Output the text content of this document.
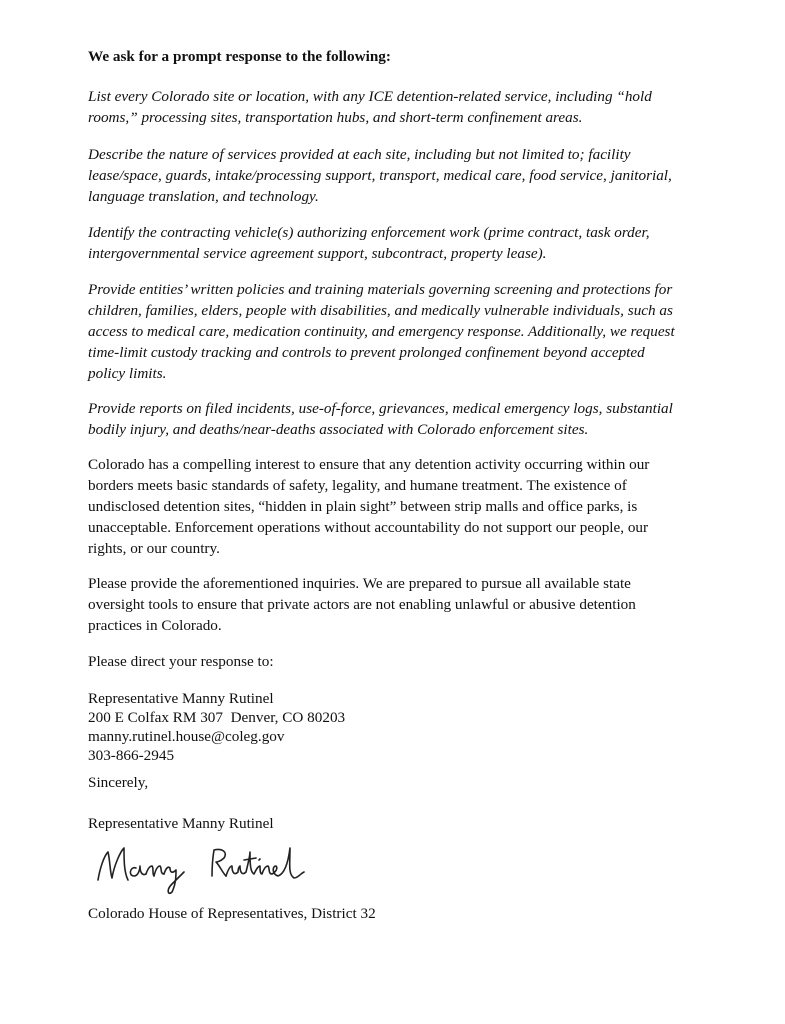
We ask for a prompt response to the following:
List every Colorado site or location, with any ICE detention-related service, including “hold
rooms,” processing sites, transportation hubs, and short-term confinement areas.
Describe the nature of services provided at each site, including but not limited to; facility
lease/space, guards, intake/processing support, transport, medical care, food service, janitorial,
language translation, and technology.
Identify the contracting vehicle(s) authorizing enforcement work (prime contract, task order,
intergovernmental service agreement support, subcontract, property lease).
Provide entities’ written policies and training materials governing screening and protections for
children, families, elders, people with disabilities, and medically vulnerable individuals, such as
access to medical care, medication continuity, and emergency response. Additionally, we request
time-limit custody tracking and controls to prevent prolonged confinement beyond accepted
policy limits.
Provide reports on filed incidents, use-of-force, grievances, medical emergency logs, substantial
bodily injury, and deaths/near-deaths associated with Colorado enforcement sites.
Colorado has a compelling interest to ensure that any detention activity occurring within our
borders meets basic standards of safety, legality, and humane treatment. The existence of
undisclosed detention sites, “hidden in plain sight” between strip malls and office parks, is
unacceptable. Enforcement operations without accountability do not support our people, our
rights, or our country.
Please provide the aforementioned inquiries. We are prepared to pursue all available state
oversight tools to ensure that private actors are not enabling unlawful or abusive detention
practices in Colorado.
Please direct your response to:
Representative Manny Rutinel
200 E Colfax RM 307  Denver, CO 80203
manny.rutinel.house@coleg.gov
303-866-2945
Sincerely,
Representative Manny Rutinel
Colorado House of Representatives, District 32
